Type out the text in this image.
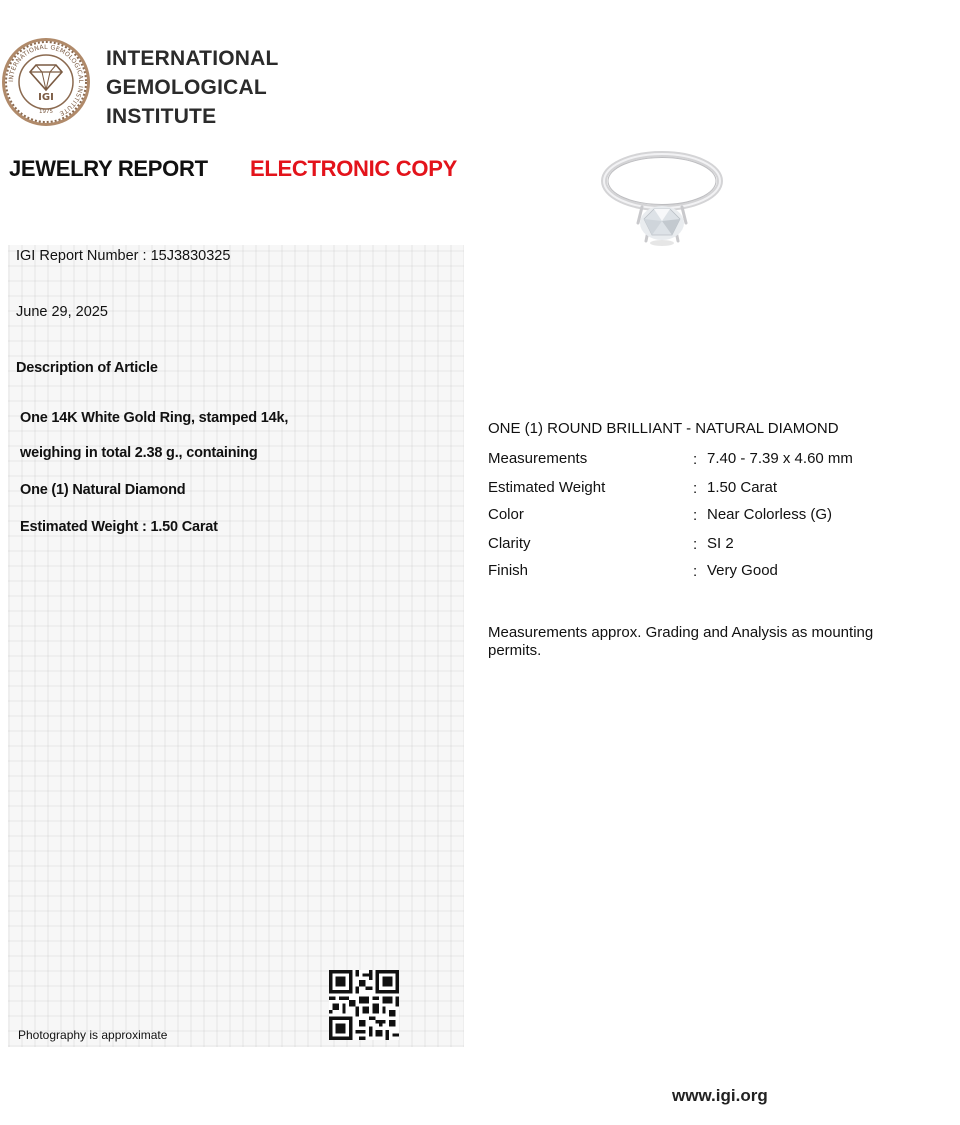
INTERNATIONAL GEMOLOGICAL INSTITUTE
IGI
1975
INTERNATIONAL
GEMOLOGICAL
INSTITUTE
JEWELRY REPORT ELECTRONIC COPY
IGI Report Number : 15J3830325
June 29, 2025
Description of Article
One 14K White Gold Ring, stamped 14k,
weighing in total 2.38 g., containing
One (1) Natural Diamond
Estimated Weight : 1.50 Carat
Photography is approximate
ONE (1) ROUND BRILLIANT - NATURAL DIAMOND
Measurements	: 7.40 - 7.39 x 4.60 mm
Estimated Weight	: 1.50 Carat
Color	: Near Colorless (G)
Clarity	: SI 2
Finish	: Very Good
Measurements approx. Grading and Analysis as mounting permits.
www.igi.org
